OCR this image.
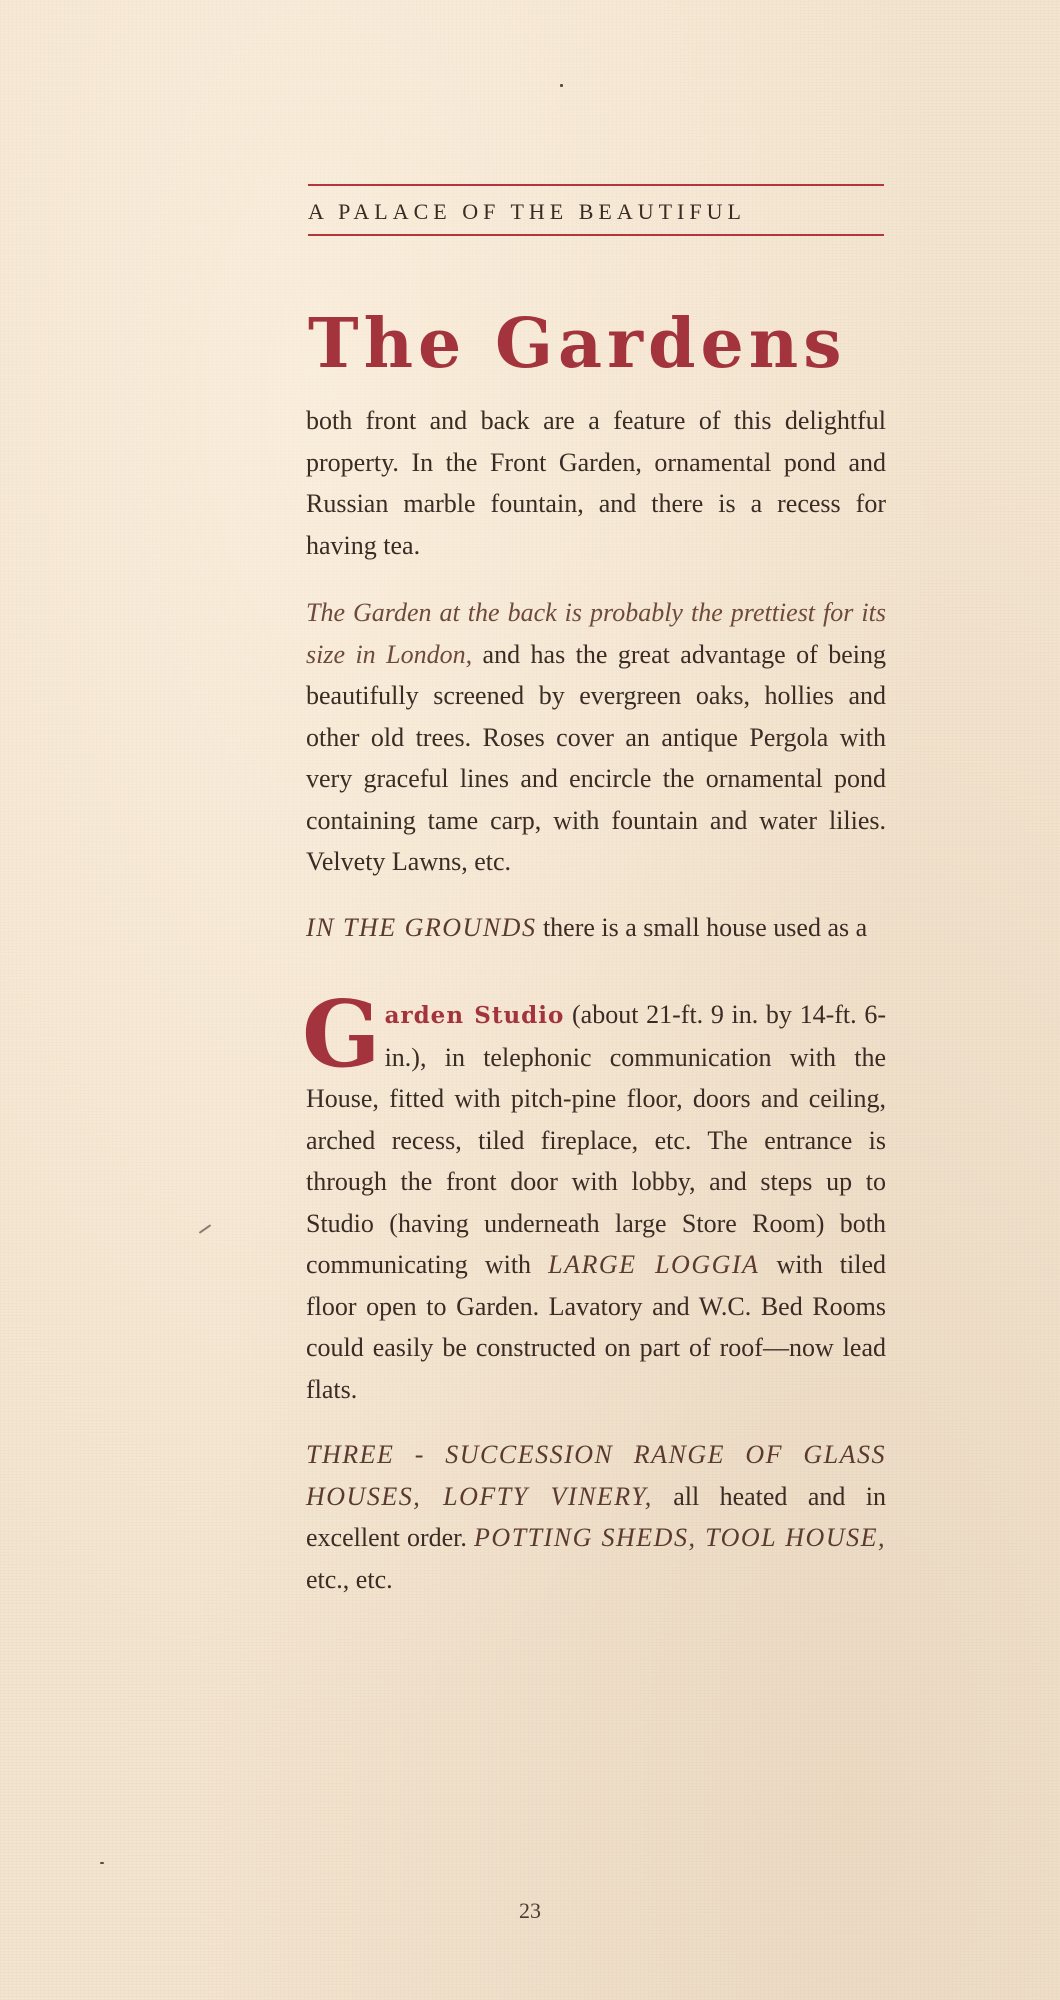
A PALACE OF THE BEAUTIFUL
The Gardens

both front and back are a feature of this delightful property. In the Front Garden, ornamental pond and Russian marble fountain, and there is a recess for having tea.

The Garden at the back is probably the prettiest for its size in London, and has the great advantage of being beautifully screened by evergreen oaks, hollies and other old trees. Roses cover an antique Pergola with very graceful lines and encircle the ornamental pond containing tame carp, with fountain and water lilies. Velvety Lawns, etc.

IN THE GROUNDS there is a small house used as a

Garden Studio (about 21-ft. 9 in. by 14-ft. 6-in.), in telephonic communication with the House, fitted with pitch-pine floor, doors and ceiling, arched recess, tiled fireplace, etc. The entrance is through the front door with lobby, and steps up to Studio (having underneath large Store Room) both communicating with LARGE LOGGIA with tiled floor open to Garden. Lavatory and W.C. Bed Rooms could easily be constructed on part of roof—now lead flats.

THREE - SUCCESSION RANGE OF GLASS HOUSES, LOFTY VINERY, all heated and in excellent order. POTTING SHEDS, TOOL HOUSE, etc., etc.

23
